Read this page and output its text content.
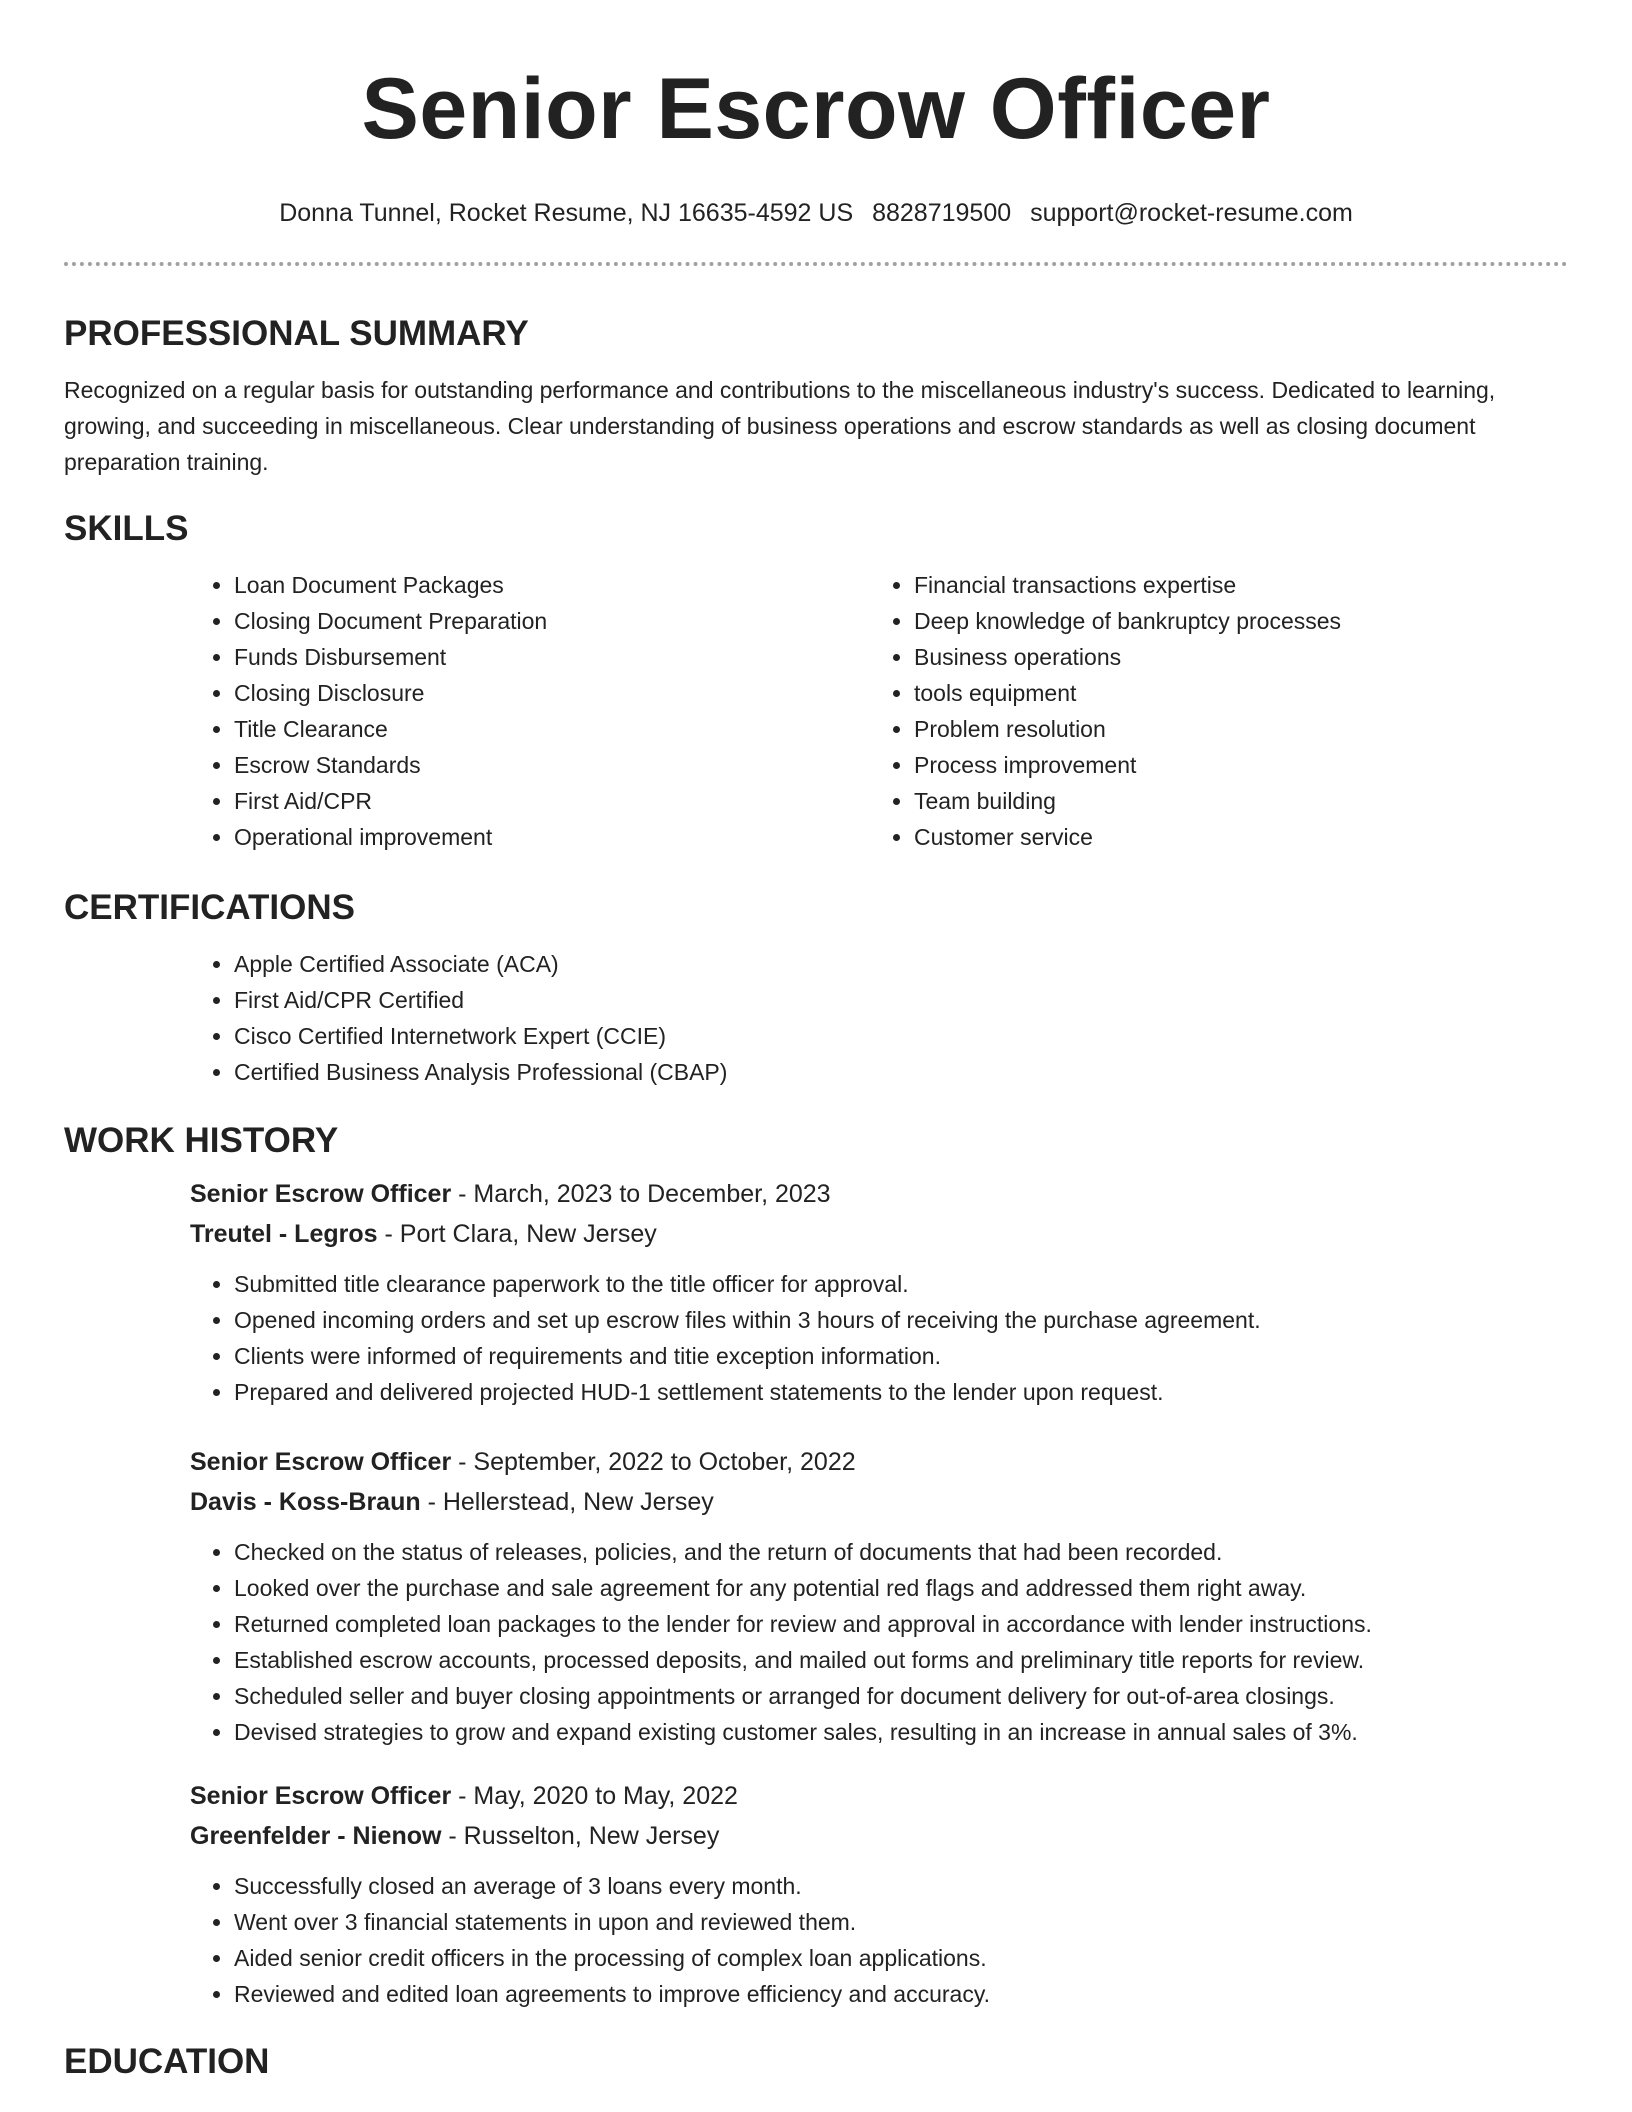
Senior Escrow Officer
Donna Tunnel, Rocket Resume, NJ 16635-4592 US 8828719500 support@rocket-resume.com
PROFESSIONAL SUMMARY

Recognized on a regular basis for outstanding performance and contributions to the miscellaneous industry's success. Dedicated to learning, growing, and succeeding in miscellaneous. Clear understanding of business operations and escrow standards as well as closing document preparation training.

SKILLS
• Loan Document Packages
• Closing Document Preparation
• Funds Disbursement
• Closing Disclosure
• Title Clearance
• Escrow Standards
• First Aid/CPR
• Operational improvement
• Financial transactions expertise
• Deep knowledge of bankruptcy processes
• Business operations
• tools equipment
• Problem resolution
• Process improvement
• Team building
• Customer service
CERTIFICATIONS
• Apple Certified Associate (ACA)
• First Aid/CPR Certified
• Cisco Certified Internetwork Expert (CCIE)
• Certified Business Analysis Professional (CBAP)
WORK HISTORY

Senior Escrow Officer - March, 2023 to December, 2023

Treutel - Legros - Port Clara, New Jersey

• Submitted title clearance paperwork to the title officer for approval.
• Opened incoming orders and set up escrow files within 3 hours of receiving the purchase agreement.
• Clients were informed of requirements and titie exception information.
• Prepared and delivered projected HUD-1 settlement statements to the lender upon request.

Senior Escrow Officer - September, 2022 to October, 2022

Davis - Koss-Braun - Hellerstead, New Jersey

• Checked on the status of releases, policies, and the return of documents that had been recorded.
• Looked over the purchase and sale agreement for any potential red flags and addressed them right away.
• Returned completed loan packages to the lender for review and approval in accordance with lender instructions.
• Established escrow accounts, processed deposits, and mailed out forms and preliminary title reports for review.
• Scheduled seller and buyer closing appointments or arranged for document delivery for out-of-area closings.
• Devised strategies to grow and expand existing customer sales, resulting in an increase in annual sales of 3%.

Senior Escrow Officer - May, 2020 to May, 2022

Greenfelder - Nienow - Russelton, New Jersey

• Successfully closed an average of 3 loans every month.
• Went over 3 financial statements in upon and reviewed them.
• Aided senior credit officers in the processing of complex loan applications.
• Reviewed and edited loan agreements to improve efficiency and accuracy.
EDUCATION
